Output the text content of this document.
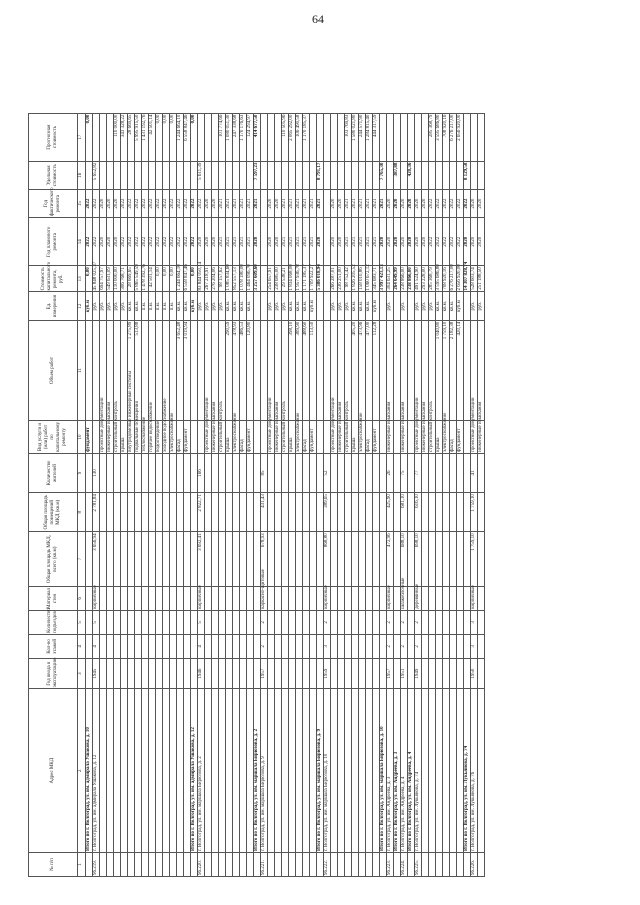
64
№ п/п	Адрес МКД	Год ввода в эксплуатацию	Кол-во этажей	Количество подъездов	Материал стен	Общая площадь МКД, всего (кв.м)	Общая площадь помещений МКД (кв.м)	Количество жителей	Вид услуги и (или) работ по капитальному ремонту	Объем работ	Ед. измерения	Стоимость капитального ремонта, руб.	Год планового ремонта	Год фактического ремонта	Удельная стоимость	Прогнозная стоимость
1	2	3	4	5	6	7	8	9	10	11	12	13	14	15	16	17
	Итого по г. Волгоград, ул. им. адмирала Ушакова, д. 10								фундамент		куб.м	0,00	2022	2022		0,00
96.219.	г. Волгоград, ул. им. адмирала Ушакова, д. 12	1945	4	5	кирпичные	3 656,94	2 781,84	130			руб.	45 848 025,37	2022	2022	5 652,82	
									проектные документации		руб.	694 757,97	2020	2020		
									инженерные изыскания		руб.	549 631,09	2020	2020		
									строительный контроль		руб.	110 000,00	2020	2020		110 000,00
									крыша		руб.	306 768,71	2022	2022		343 328,22
									внутридомовые инженерные системы	1 275,89	кв.м.	28 669,65	2022	2022		28 669,65
									подвальные помещения	513,88	кв.м.	5 865 549,59	2022	2022		5 995 915,50
									теплоснабжение		п.м.	1 478 392,76	2022	2022		1 431 192,76
									горячее водоснабжение		п.м.	42 501,14	2022	2022		42 501,14
									водоотведение		п.м.	0,00	2022	2022		0,00
									холодное водоснабжение		п.м.	0,00	2022	2022		0,00
									электроснабжение		п.м.	0,00	2022	2022		0,00
									фасад	3 652,48	кв.м.	1 244 664,10	2022	2022		1 244 664,10
									фундамент	3 019,94	кв.м.	6 558 847,46	2022	2022		6 558 847,46
	Итого по г. Волгоград, ул. им. адмирала Ушакова, д. 12										куб.м	0,00	2022	2022		0,00
96.220.	г. Волгоград, ул. им. маршала Бирюзова, д. 2	1946	4	5	кирпичные	3 692,41	2 822,71	166			руб.	83 844 050,14	2020	2022	5 611,39	
									проектные документации		руб.	267 218,91	2020	2020		
									инженерные изыскания		руб.	276 204,06	2020	2020		
									строительный контроль		руб.	98 157,62	2021	2021		101 774,66
									крыша	290,59	кв.м.	1 085 834,60	2021	2021		1 080 051,30
									электроснабжение	478,93	кв.м.	852 557,13	2021	2021		247 338,68
									фасад	486,53	кв.м.	1 078 180,00	2021	2021		1 170 176,63
									фундамент	120,80	кв.м.	1 464 096,70	2021	2021		124 294,97
	Итого по г. Волгоград, ул. им. маршала Бирюзова, д. 2											3 257 609,60	2020	2021	7 597,23	414 677,50
96.221.	г. Волгоград, ул. им. маршала Бирюзова, д. 9	1957	2	2	каркасно-щитовые	678,93	431,43	85								
									проектные документации		руб.	254 657,91	2020	2020		
									инженерные изыскания		руб.	238 685,00	2020	2020		
									строительный контроль		руб.	29 538,21	2021	2021		110 505,96
									крыша	398,10	кв.м.	1 834 068,00	2021	2021		2 065 292,00
									электроснабжение	389,90	кв.м.	1 957 936,78	2021	2021		106 490,58
									фасад	488,60	кв.м.	1 171 185,37	2021	2021		1 170 185,37
									фундамент	113,50	куб.м	1 709 922,27	2021	2021		
	Итого по г. Волгоград, ул. им. маршала Бирюзова, д. 9											5 386 018,94	2020	2021	8 791,17	
96.222.	г. Волгоград, ул. им. маршала Бирюзова, д. 10	1959	3	2	кирпичные	868,80	389,65	52								
									проектные документации		руб.	266 287,01	2020	2020		
									инженерные изыскания		руб.	236 251,00	2020	2020		
									строительный контроль		руб.	98 752,42	2021	2021		103 769,83
									крыша	405,20	кв.м.	1 826 205,52	2021	2021		1 580 021,80
									электроснабжение	473,96	кв.м.	158 010,86	2021	2021		244 571,90
									фасад	477,00	кв.м.	1 060 672,12	2021	2021		1 284 815,40
									фундамент	112,28	куб.м	345 683,71	2021	2021		444 317,59
	Итого по г. Волгоград, ул. им. маршала Бирюзова, д. 10											3 997 423,13	2020	2021	7 765,30	
96.223.	г. Волгоград, ул. им. Андреева, д. 3	1957	2	2	кирпичные	472,96	425,90	26	инженерные изыскания		руб.	304 631,25	2020	2020		
	Итого по г. Волгоград, ул. им. Андреева, д. 3											264 649,99	2020	2020	387,88	
96.224.	г. Волгоград, ул. им. Андреева, д. 4	1951	2	2	шлакоблочные	688,10	681,10	75	инженерные изыскания		руб.	238 866,00	2020	2020		
	Итого по г. Волгоград, ул. им. Андреева, д. 4											238 866,00	2020	2020	420,36	
96.225.	г. Волгоград, ул. им. Лукьянова, д. 74	1949	2	2	деревянные	698,10	616,10	77	проектные документации		руб.	491 524,90	2020	2020		
									инженерные изыскания		руб.	293 228,00	2020	2020		
									строительный контроль		руб.	285 368,79	2022	2022		285 368,79
									крыша	1 040,80	кв.м.	3 595 686,80	2022	2022		3 595 686,80
									электроснабжение	1 759,10	кв.м.	708 920,16	2022	2022		708 920,16
									фасад	2 182,38	кв.м.	6 276 217,00	2022	2022		6 276 217,00
									фундамент	420,14	куб.м	2 656 920,00	2022	2022		2 656 920,00
	Итого по г. Волгоград, ул. им. Лукьянова, д. 74											14 307 828,74	2020	2022	8 129,58	
96.226.	г. Волгоград, ул. им. Лукьянова, д. 76	1950	3	3	кирпичные	1 759,10	1 759,10	41	проектные документации		руб.	528 603,74	2020	2020		
									инженерные изыскания		руб.	251 188,50	2020	2020		
